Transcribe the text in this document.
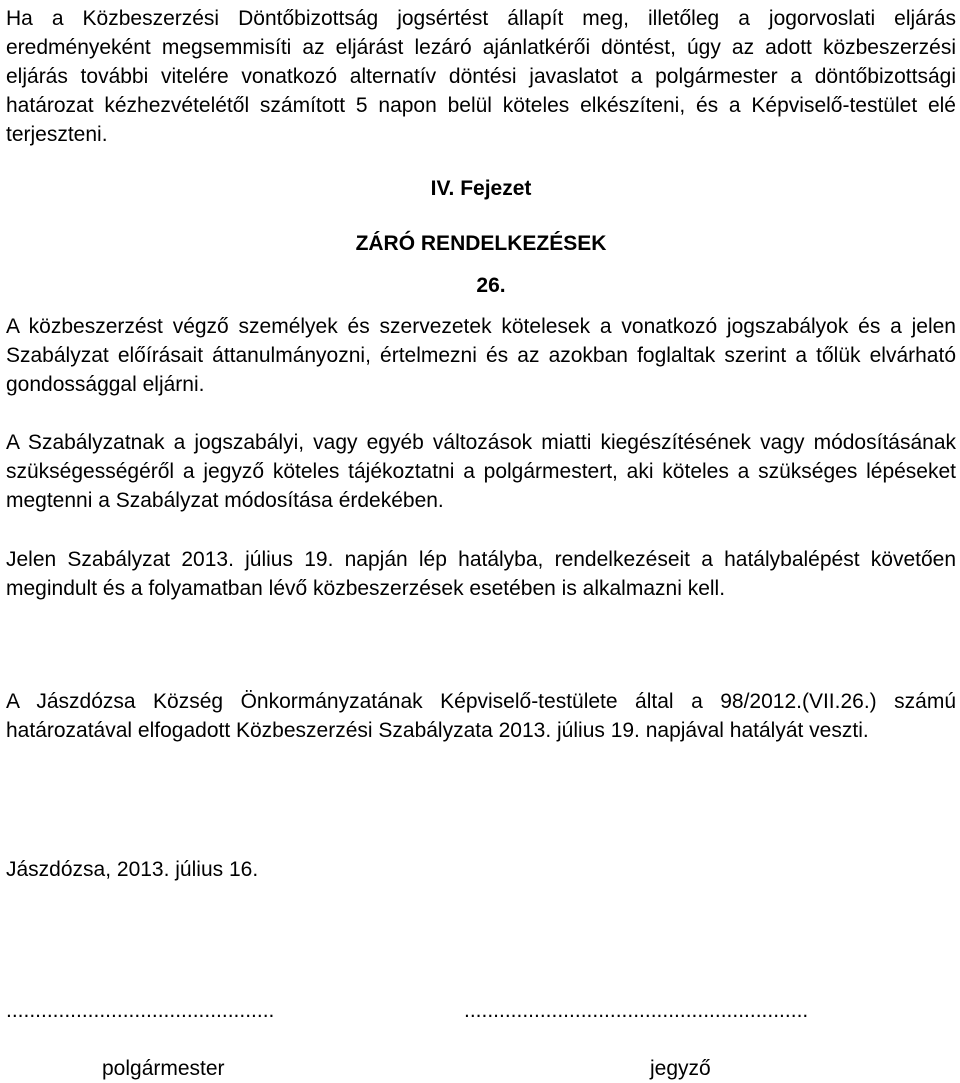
Ha a Közbeszerzési Döntőbizottság jogsértést állapít meg, illetőleg a jogorvoslati eljárás eredményeként megsemmisíti az eljárást lezáró ajánlatkérői döntést, úgy az adott közbeszerzési eljárás további vitelére vonatkozó alternatív döntési javaslatot a polgármester a döntőbizottsági határozat kézhezvételétől számított 5 napon belül köteles elkészíteni, és a Képviselő-testület elé terjeszteni.

IV. Fejezet
ZÁRÓ RENDELKEZÉSEK
26.

A közbeszerzést végző személyek és szervezetek kötelesek a vonatkozó jogszabályok és a jelen Szabályzat előírásait áttanulmányozni, értelmezni és az azokban foglaltak szerint a tőlük elvárható gondossággal eljárni.

A Szabályzatnak a jogszabályi, vagy egyéb változások miatti kiegészítésének vagy módosításának szükségességéről a jegyző köteles tájékoztatni a polgármestert, aki köteles a szükséges lépéseket megtenni a Szabályzat módosítása érdekében.

Jelen Szabályzat 2013. július 19. napján lép hatályba, rendelkezéseit a hatálybalépést követően megindult és a folyamatban lévő közbeszerzések esetében is alkalmazni kell.

A Jászdózsa Község Önkormányzatának Képviselő-testülete által a 98/2012.(VII.26.) számú határozatával elfogadott Közbeszerzési Szabályzata 2013. július 19. napjával hatályát veszti.

Jászdózsa, 2013. július 16.
..............................................	...........................................................
polgármester	jegyző
